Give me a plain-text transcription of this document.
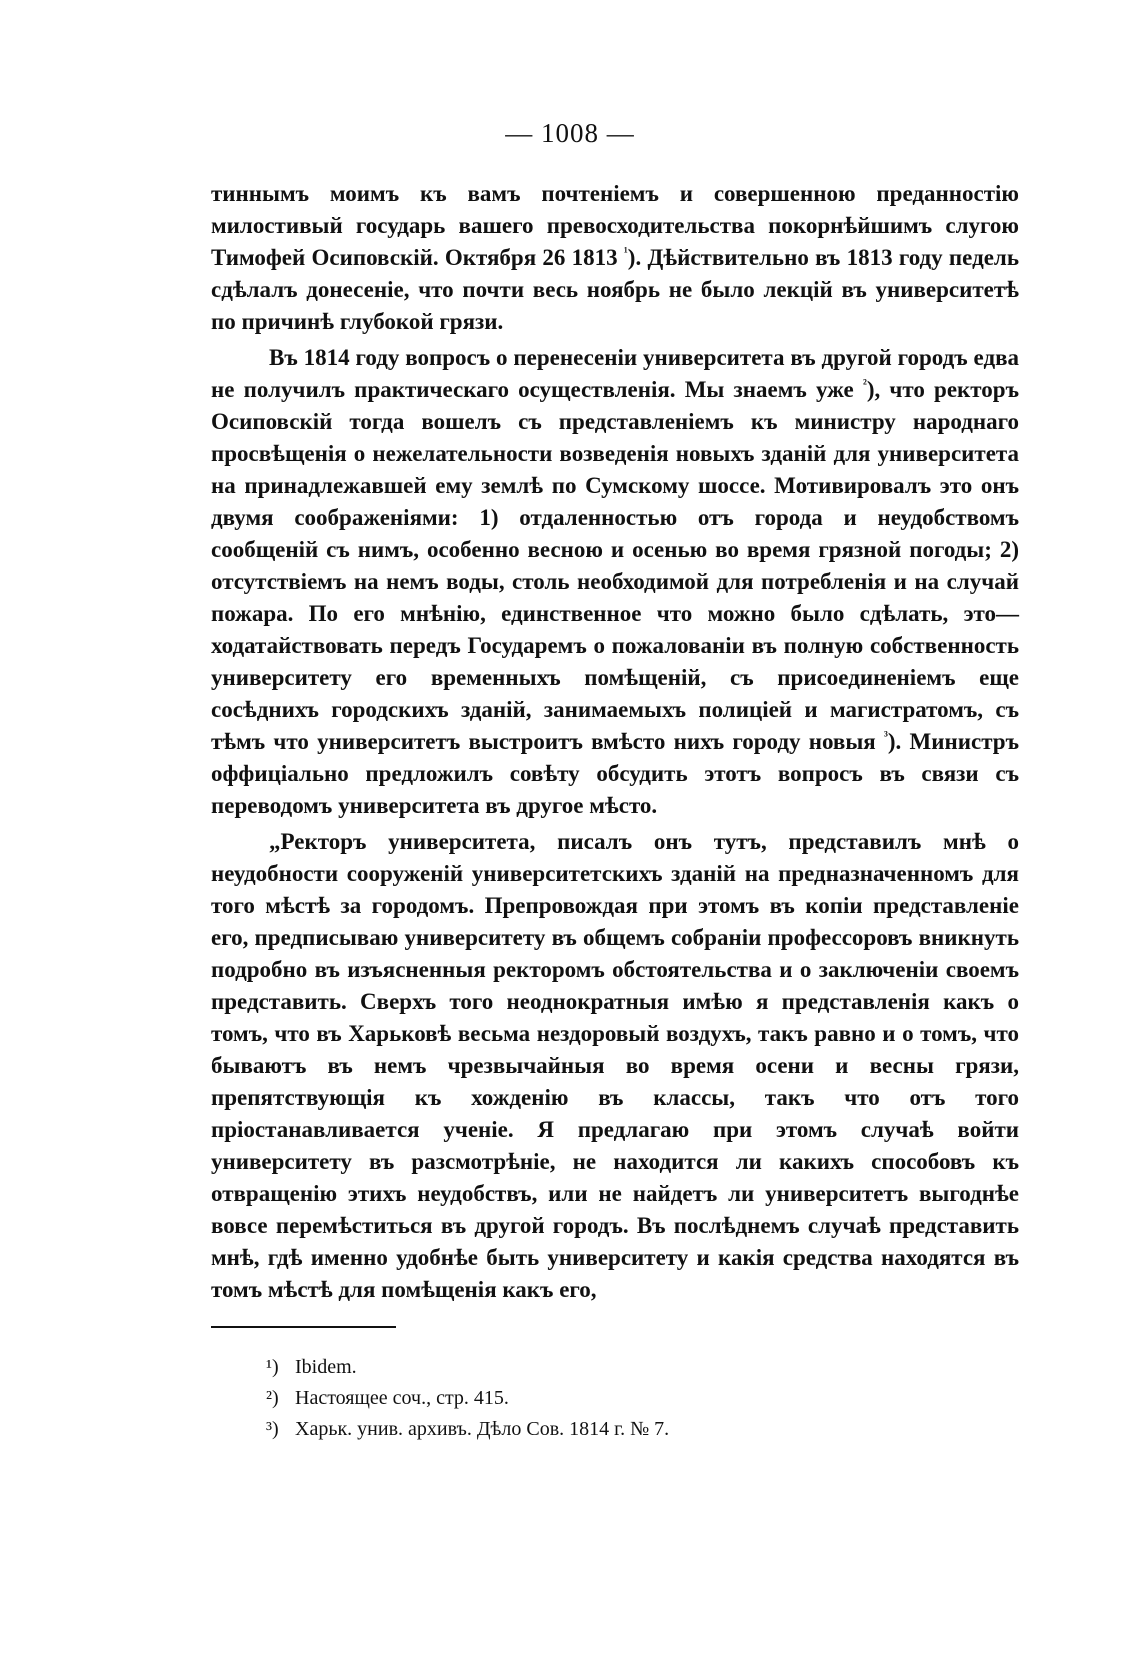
— 1008 —

тиннымъ моимъ къ вамъ почтеніемъ и совершенною преданностію милостивый государь вашего превосходительства покорнѣйшимъ слугою Тимофей Осиповскій. Октября 26 1813 $^{^1}$). Дѣйствительно въ 1813 году педель сдѣлалъ донесеніе, что почти весь ноябрь не было лекцій въ университетѣ по причинѣ глубокой грязи.

Въ 1814 году вопросъ о перенесеніи университета въ другой городъ едва не получилъ практическаго осуществленія. Мы знаемъ уже $^{^2}$), что ректоръ Осиповскій тогда вошелъ съ представленіемъ къ министру народнаго просвѣщенія о нежелательности возведенія новыхъ зданій для университета на принадлежавшей ему землѣ по Сумскому шоссе. Мотивировалъ это онъ двумя соображеніями: 1) отдаленностью отъ города и неудобствомъ сообщеній съ нимъ, особенно весною и осенью во время грязной погоды; 2) отсутствіемъ на немъ воды, столь необходимой для потребленія и на случай пожара. По его мнѣнію, единственное что можно было сдѣлать, это—ходатайствовать передъ Государемъ о пожалованіи въ полную собственность университету его временныхъ помѣщеній, съ присоединеніемъ еще сосѣднихъ городскихъ зданій, занимаемыхъ полиціей и магистратомъ, съ тѣмъ что университетъ выстроитъ вмѣсто нихъ городу новыя $^{^3}$). Министръ оффиціально предложилъ совѣту обсудить этотъ вопросъ въ связи съ переводомъ университета въ другое мѣсто.

„Ректоръ университета, писалъ онъ тутъ, представилъ мнѣ о неудобности сооруженій университетскихъ зданій на предназначенномъ для того мѣстѣ за городомъ. Препровождая при этомъ въ копіи представленіе его, предписываю университету въ общемъ собраніи профессоровъ вникнуть подробно въ изъясненныя ректоромъ обстоятельства и о заключеніи своемъ представить. Сверхъ того неоднократныя имѣю я представленія какъ о томъ, что въ Харьковѣ весьма нездоровый воздухъ, такъ равно и о томъ, что бываютъ въ немъ чрезвычайныя во время осени и весны грязи, препятствующія къ хожденію въ классы, такъ что отъ того пріостанавливается ученіе. Я предлагаю при этомъ случаѣ войти университету въ разсмотрѣніе, не находится ли какихъ способовъ къ отвращенію этихъ неудобствъ, или не найдетъ ли университетъ выгоднѣе вовсе перемѣститься въ другой городъ. Въ послѣднемъ случаѣ представить мнѣ, гдѣ именно удобнѣе быть университету и какія средства находятся въ томъ мѣстѣ для помѣщенія какъ его,

¹) Ibidem.
²) Настоящее соч., стр. 415.
³) Харьк. унив. архивъ. Дѣло Сов. 1814 г. № 7.
